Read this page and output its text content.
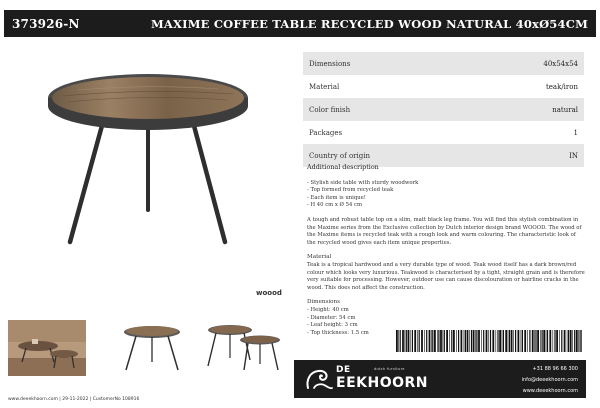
373926-N	MAXIME COFFEE TABLE RECYCLED WOOD NATURAL 40xØ54CM
woood
Dimensions	40x54x54
Material	teak/iron
Color finish	natural
Packages	1
Country of origin	IN
Additional description
- Stylish side table with sturdy woodwork
- Top formed from recycled teak
- Each item is unique!
- H 40 cm x Ø 54 cm

A tough and robust table top on a slim, matt black leg frame. You will find this stylish combination in the Maxime series from the Exclusive collection by Dutch interior design brand WOOOD. The wood of the Maxime items is recycled teak with a rough look and warm colouring. The characteristic look of the recycled wood gives each item unique properties.

Material

Teak is a tropical hardwood and a very durable type of wood. Teak wood itself has a dark brown/red colour which looks very luxurious. Teakwood is characterised by a tight, straight grain and is therefore very suitable for processing. However, outdoor use can cause discolouration or hairline cracks in the wood. This does not affect the construction.

Dimensions
- Height: 40 cm
- Diameter: 54 cm
- Leaf height: 3 cm
- Top thickness: 1.5 cm
DE	dutch furniture
EEKHOORN
+31 88 96 66 300
info@deeekhoorn.com
www.deeekhoorn.com
www.deeekhoorn.com | 29-11-2022 | CustomerNo 108916
